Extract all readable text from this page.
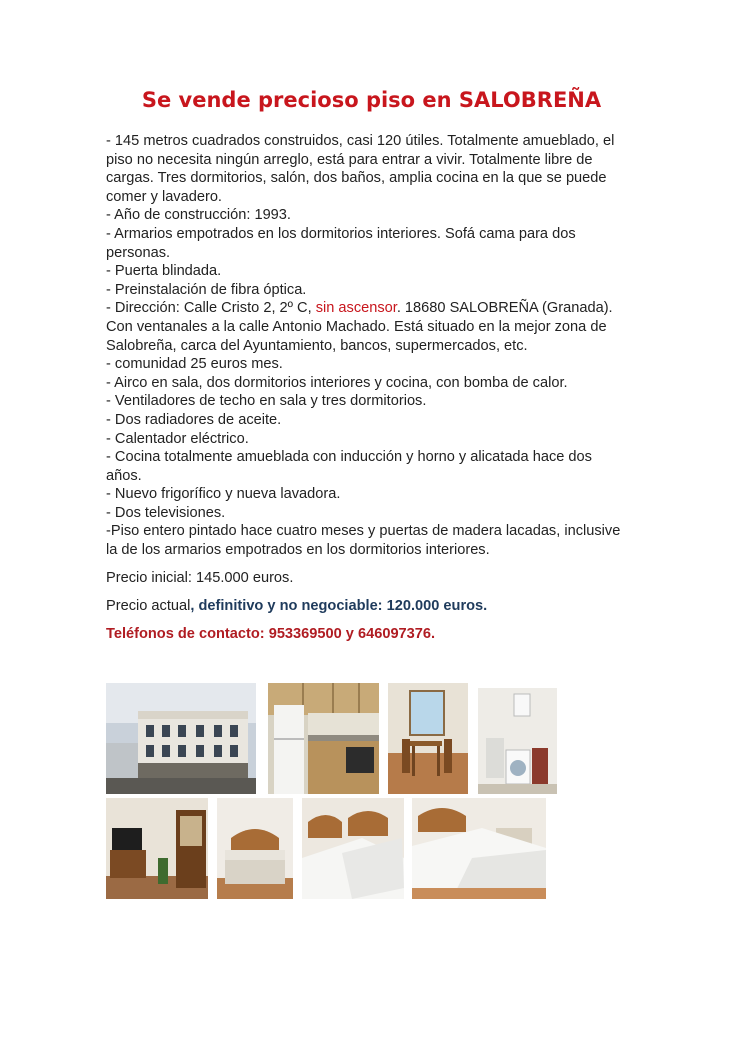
Se vende precioso piso en SALOBREÑA

- 145 metros cuadrados construidos, casi 120 útiles. Totalmente amueblado, el

piso no necesita ningún arreglo, está para entrar a vivir. Totalmente libre de

cargas. Tres dormitorios, salón, dos baños, amplia cocina en la que se puede

comer y lavadero.

- Año de construcción: 1993.

- Armarios empotrados en los dormitorios interiores. Sofá cama para dos

personas.

- Puerta blindada.

- Preinstalación de fibra óptica.

- Dirección: Calle Cristo 2, 2º C, sin ascensor. 18680 SALOBREÑA (Granada).

Con ventanales a la calle Antonio Machado. Está situado en la mejor zona de

Salobreña, carca del Ayuntamiento, bancos, supermercados, etc.

- comunidad 25 euros mes.

- Airco en sala, dos dormitorios interiores y cocina, con bomba de calor.

- Ventiladores de techo en sala y tres dormitorios.

- Dos radiadores de aceite.

- Calentador eléctrico.

- Cocina totalmente amueblada con inducción y horno y alicatada hace dos

años.

- Nuevo frigorífico y nueva lavadora.

- Dos televisiones.

-Piso entero pintado hace cuatro meses y puertas de madera lacadas, inclusive

la de los armarios empotrados en los dormitorios interiores.

Precio inicial: 145.000 euros.
Precio actual, definitivo y no negociable: 120.000 euros.
Teléfonos de contacto: 953369500 y 646097376.
